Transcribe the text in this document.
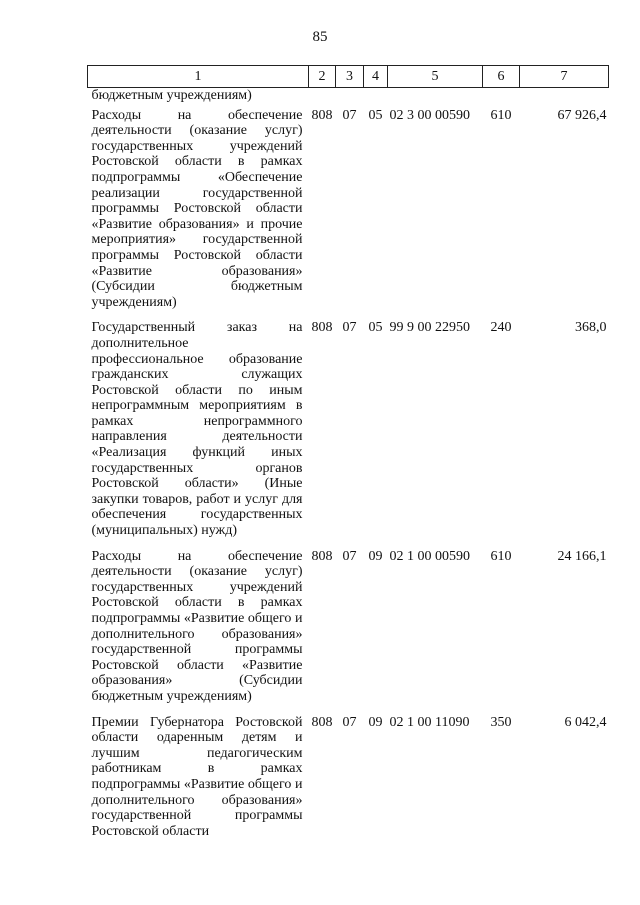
85
1	2	3	4	5	6	7
бюджетным учреждениям)						
Расходы на обеспечение деятельности (оказание услуг) государственных учреждений Ростовской области в рамках подпрограммы «Обеспечение реализации государственной программы Ростовской области «Развитие образования» и прочие мероприятия» государственной программы Ростовской области «Развитие образования» (Субсидии бюджетным учреждениям)	808	07	05	02 3 00 00590	610	67 926,4
Государственный заказ на дополнительное профессиональное образование гражданских служащих Ростовской области по иным непрограммным мероприятиям в рамках непрограммного направления деятельности «Реализация функций иных государственных органов Ростовской области» (Иные закупки товаров, работ и услуг для обеспечения государственных (муниципальных) нужд)	808	07	05	99 9 00 22950	240	368,0
Расходы на обеспечение деятельности (оказание услуг) государственных учреждений Ростовской области в рамках подпрограммы «Развитие общего и дополнительного образования» государственной программы Ростовской области «Развитие образования» (Субсидии бюджетным учреждениям)	808	07	09	02 1 00 00590	610	24 166,1
Премии Губернатора Ростовской области одаренным детям и лучшим педагогическим работникам в рамках подпрограммы «Развитие общего и дополнительного образования» государственной программы Ростовской области	808	07	09	02 1 00 11090	350	6 042,4
